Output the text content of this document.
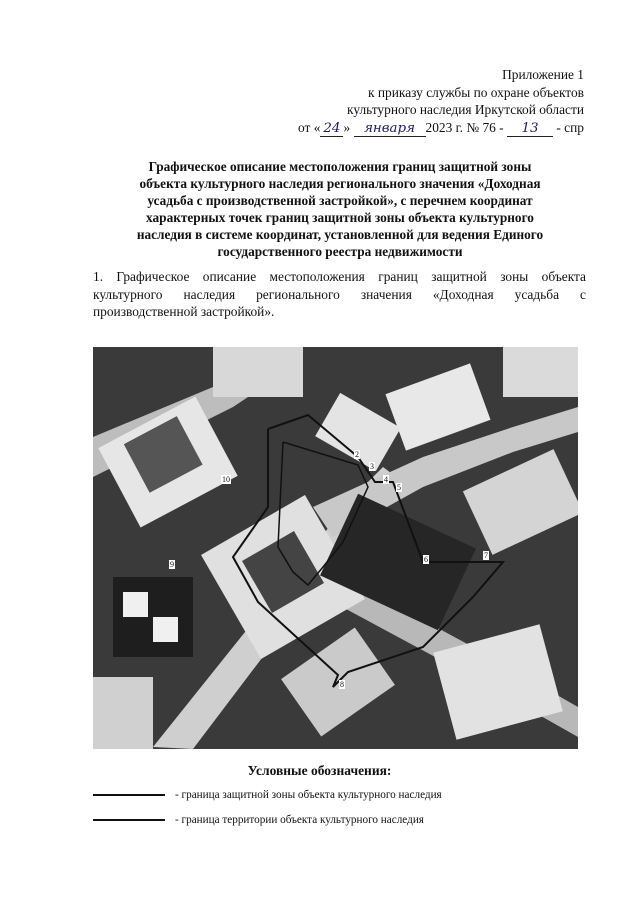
Приложение 1
к приказу службы по охране объектов
культурного наследия Иркутской области
от « 24 » января 2023 г. № 76 - 13 - спр
Графическое описание местоположения границ защитной зоны
объекта культурного наследия регионального значения «Доходная
усадьба с производственной застройкой», с перечнем координат
характерных точек границ защитной зоны объекта культурного
наследия в системе координат, установленной для ведения Единого
государственного реестра недвижимости
1. Графическое описание местоположения границ защитной зоны объекта культурного наследия регионального значения «Доходная усадьба с производственной застройкой».
2
3
4
5
6	7
8
9
10
Условные обозначения:
- граница защитной зоны объекта культурного наследия
- граница территории объекта культурного наследия
